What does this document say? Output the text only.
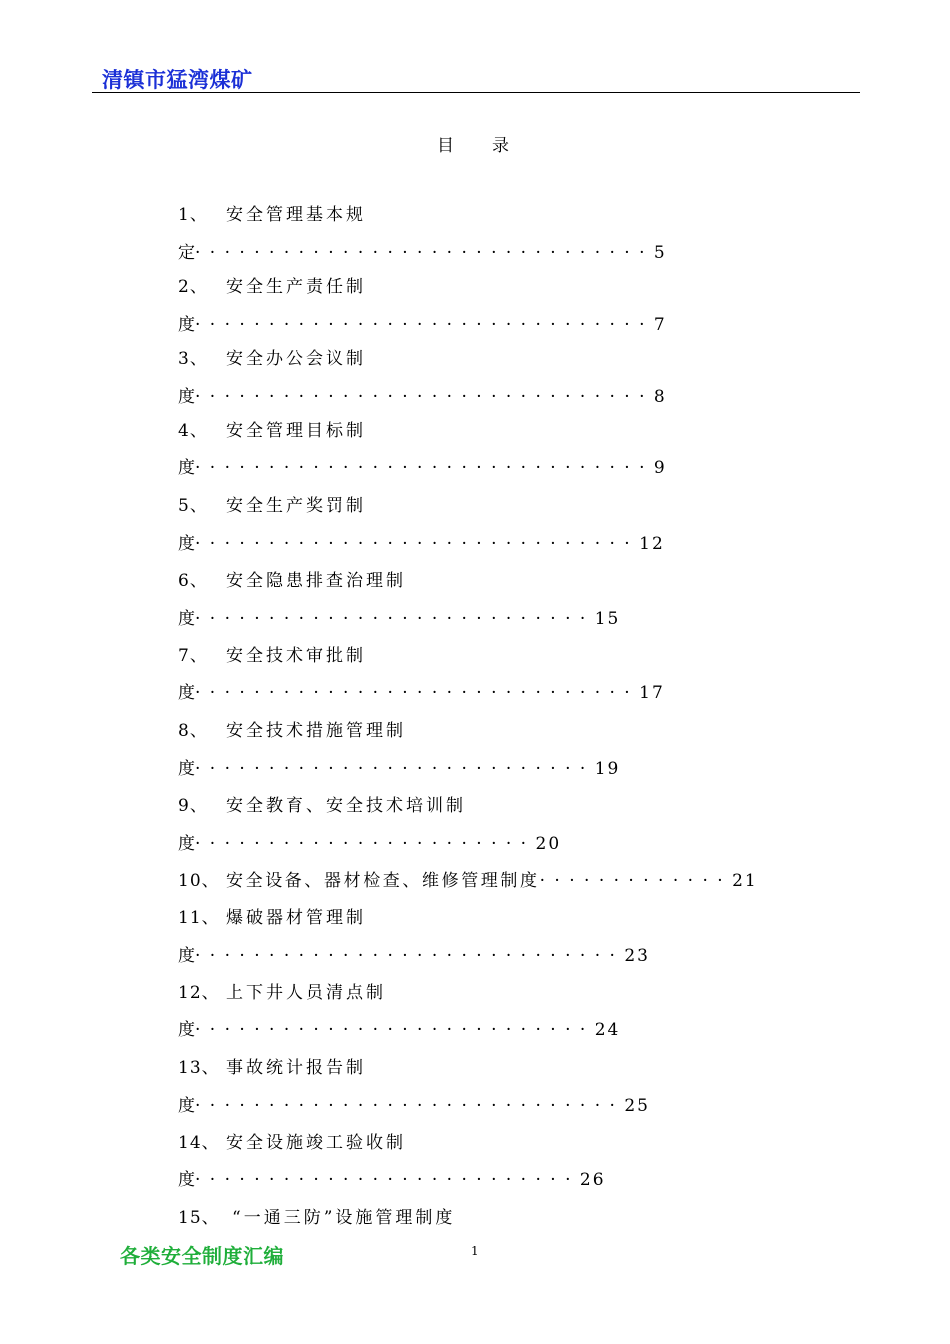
清镇市猛湾煤矿
目 录
1、 安全管理基本规
定·······························5
2、 安全生产责任制
度·······························7
3、 安全办公会议制
度·······························8
4、 安全管理目标制
度·······························9
5、 安全生产奖罚制
度······························12
6、 安全隐患排查治理制
度···························15
7、 安全技术审批制
度······························17
8、 安全技术措施管理制
度···························19
9、 安全教育、安全技术培训制
度·······················20
10、 安全设备、器材检查、维修管理制度·············21
11、 爆破器材管理制
度·····························23
12、 上下井人员清点制
度···························24
13、 事故统计报告制
度·····························25
14、 安全设施竣工验收制
度··························26
15、 “一通三防”设施管理制度
各类安全制度汇编	1
